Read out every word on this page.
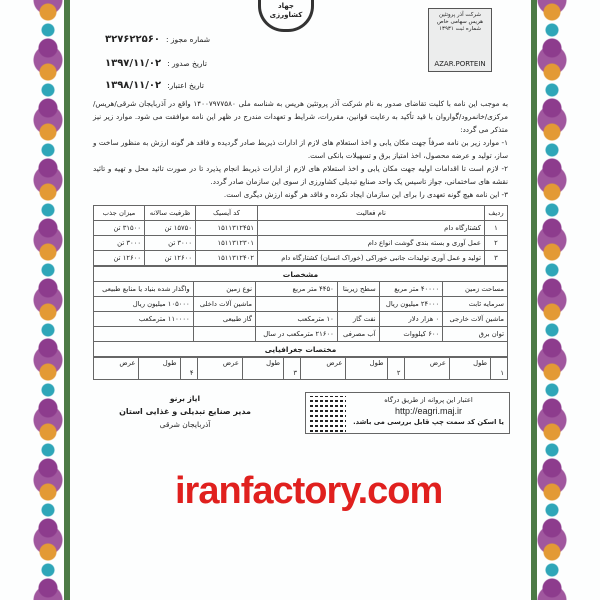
جهاد کشاورزی	شرکت آذر پروتئین هریس سهامی خاص شماره ثبت ۱۳۹۳۱
AZAR.PORTEIN
شماره مجوز :۳۲۷۶۲۲۵۶۰
تاریخ صدور :۱۳۹۷/۱۱/۰۲
تاریخ اعتبار:۱۳۹۸/۱۱/۰۲
به موجب این نامه با کلیت تقاضای صدور به نام شرکت آذر پروتئین هریس به شناسه ملی ۱۴۰۰۷۹۷۷۵۸۰ واقع در آذربایجان شرقی/هریس/مرکزی/خانمرود/گواروان با قید تأکید به رعایت قوانین، مقررات، شرایط و تعهدات مندرج در ظهر این نامه موافقت می شود. موارد زیر نیز متذکر می گردد:
۱- موارد زیر بن نامه صرفاً جهت مکان یابی و اخذ استعلام های لازم از ادارات ذیربط صادر گردیده و فاقد هر گونه ارزش به منظور ساخت و ساز، تولید و عرضه محصول، اخذ امتیاز برق و تسهیلات بانکی است.
۲- لازم است تا اقدامات اولیه جهت مکان یابی و اخذ استعلام های لازم از ادارات ذیربط انجام پذیرد تا در صورت تائید محل و تهیه و تائید نقشه های ساختمانی، جواز تاسیس یک واحد صنایع تبدیلی کشاورزی از سوی این سازمان صادر گردد.
۳- این نامه هیچ گونه تعهدی را برای این سازمان ایجاد نکرده و فاقد هر گونه ارزش دیگری است.
ردیف	نام فعالیت	کد آیسیک	ظرفیت سالانه	میزان جذب
۱	کشتارگاه دام	۱۵۱۱۳۱۲۴۵۱	۱۵۷۵۰ تن	۳۱۵۰۰ تن
۲	عمل آوری و بسته بندی گوشت انواع دام	۱۵۱۱۳۱۲۳۰۱	۳۰۰۰ تن	۳۰۰۰ تن
۳	تولید و عمل آوری تولیدات جانبی خوراکی (خوراک انسان) کشتارگاه دام	۱۵۱۱۳۱۲۴۰۲	۱۲۶۰۰ تن	۱۲۶۰۰ تن
مشخصات					
مساحت زمین	۴۰۰۰۰ متر مربع	سطح زیربنا	۴۴۵۰ متر مربع	نوع زمین	واگذار شده بنیاد یا منابع طبیعی
سرمایه ثابت	۲۴۰۰۰ میلیون ریال			ماشین آلات داخلی	۱۰۵۰۰۰ میلیون ریال
ماشین آلات خارجی	۰ هزار دلار	نفت گاز	۱۰ مترمکعب	گاز طبیعی	۱۱۰۰۰۰ مترمکعب
توان برق	۶۰۰ کیلووات	آب مصرفی	۲۱۶۰۰ مترمکعب در سال		
مختصات جغرافیایی					
۱	طول	عرض	۲	طول	عرض	۳	طول	عرض	۴	طول	عرض
ایاز برنو
مدیر صنایع تبدیلی و غذایی استان
آذربایجان شرقی
اعتبار این پروانه از طریق درگاه
http://eagri.maj.ir
یا اسکن کد سمت چپ قابل بررسی می باشد.
iranfactory.com
